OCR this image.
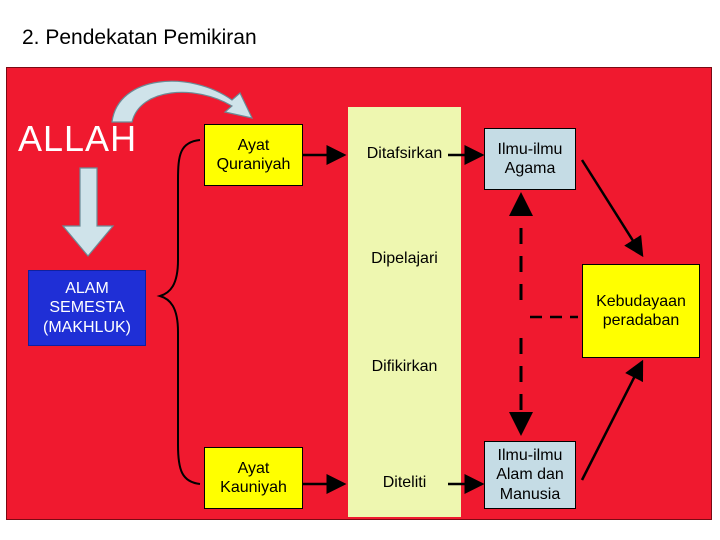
2. Pendekatan Pemikiran
ALLAH	Ayat Quraniyah
Ditafsirkan	Ilmu-ilmu Agama
Dipelajari
ALAM SEMESTA (MAKHLUK)
Kebudayaan peradaban
Difikirkan
Ayat Kauniyah	Diteliti
Ilmu-ilmu Alam dan Manusia
